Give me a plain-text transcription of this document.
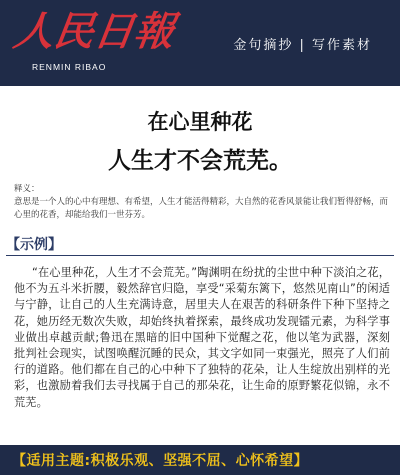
人民日報
RENMIN RIBAO
金句摘抄 | 写作素材
在心里种花
人生才不会荒芜。
释义：
意思是一个人的心中有理想、有希望，人生才能活得精彩，大自然的花香风景能让我们暂得舒畅，而心里的花香，却能给我们一世芬芳。
【示例】
“在心里种花，人生才不会荒芜。”陶渊明在纷扰的尘世中种下淡泊之花，他不为五斗米折腰，毅然辞官归隐，享受“采菊东篱下，悠然见南山”的闲适与宁静，让自己的人生充满诗意，居里夫人在艰苦的科研条件下种下坚持之花，她历经无数次失败，却始终执着探索，最终成功发现镭元素，为科学事业做出卓越贡献;鲁迅在黑暗的旧中国种下觉醒之花，他以笔为武器，深刻批判社会现实，试图唤醒沉睡的民众，其文字如同一束强光，照亮了人们前行的道路。他们都在自己的心中种下了独特的花朵，让人生绽放出别样的光彩，也激励着我们去寻找属于自己的那朵花，让生命的原野繁花似锦，永不荒芜。
【适用主题:积极乐观、坚强不屈、心怀希望】
